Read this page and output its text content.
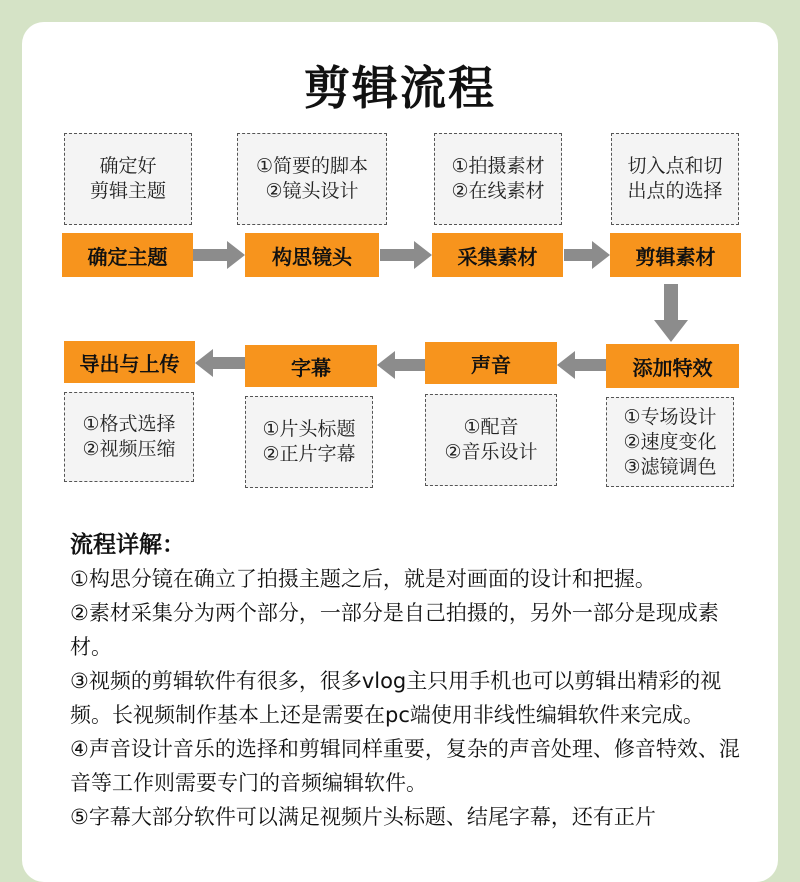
剪辑流程
确定好
剪辑主题
①简要的脚本
②镜头设计
①拍摄素材
②在线素材
切入点和切
出点的选择
确定主题	构思镜头	采集素材	剪辑素材
导出与上传	字幕	声音	添加特效
①格式选择
②视频压缩
①片头标题
②正片字幕
①配音
②音乐设计
①专场设计
②速度变化
③滤镜调色

流程详解：

①构思分镜在确立了拍摄主题之后，就是对画面的设计和把握。

②素材采集分为两个部分，一部分是自己拍摄的，另外一部分是现成素材。

③视频的剪辑软件有很多，很多vlog主只用手机也可以剪辑出精彩的视频。长视频制作基本上还是需要在pc端使用非线性编辑软件来完成。

④声音设计音乐的选择和剪辑同样重要，复杂的声音处理、修音特效、混音等工作则需要专门的音频编辑软件。

⑤字幕大部分软件可以满足视频片头标题、结尾字幕，还有正片
